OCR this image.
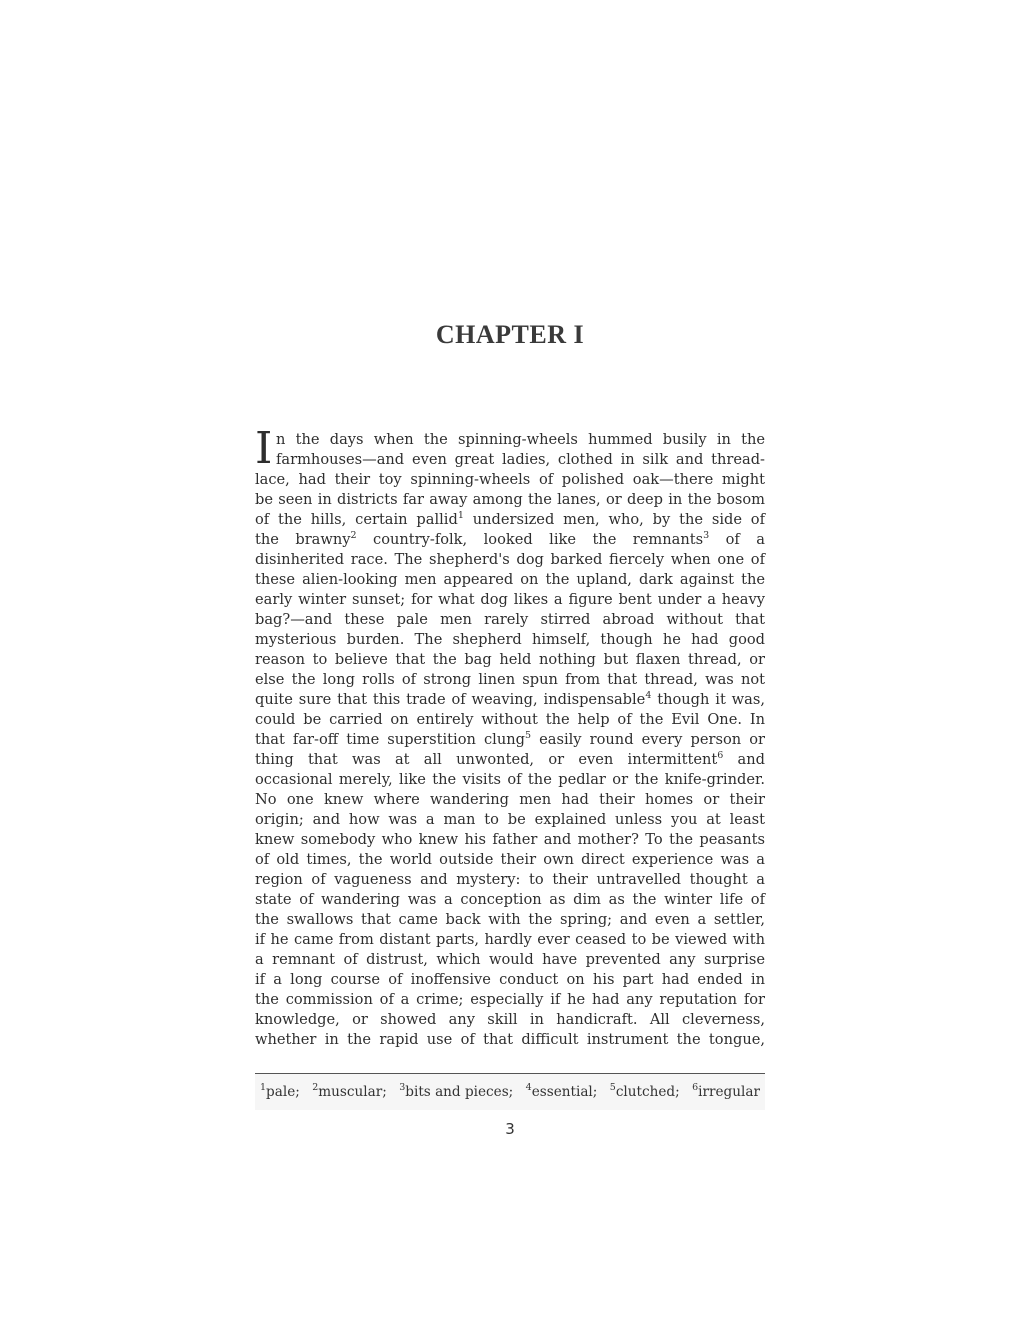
CHAPTER I
I n the days when the spinning-wheels hummed busily in the
farmhouses—and even great ladies, clothed in silk and thread-
lace, had their toy spinning-wheels of polished oak—there might
be seen in districts far away among the lanes, or deep in the bosom
of the hills, certain pallid$^1$ undersized men, who, by the side of
the brawny$^2$ country-folk, looked like the remnants$^3$ of a
disinherited race. The shepherd's dog barked fiercely when one of
these alien-looking men appeared on the upland, dark against the
early winter sunset; for what dog likes a figure bent under a heavy
bag?—and these pale men rarely stirred abroad without that
mysterious burden. The shepherd himself, though he had good
reason to believe that the bag held nothing but flaxen thread, or
else the long rolls of strong linen spun from that thread, was not
quite sure that this trade of weaving, indispensable$^4$ though it was,
could be carried on entirely without the help of the Evil One. In
that far-off time superstition clung$^5$ easily round every person or
thing that was at all unwonted, or even intermittent$^6$ and
occasional merely, like the visits of the pedlar or the knife-grinder.
No one knew where wandering men had their homes or their
origin; and how was a man to be explained unless you at least
knew somebody who knew his father and mother? To the peasants
of old times, the world outside their own direct experience was a
region of vagueness and mystery: to their untravelled thought a
state of wandering was a conception as dim as the winter life of
the swallows that came back with the spring; and even a settler,
if he came from distant parts, hardly ever ceased to be viewed with
a remnant of distrust, which would have prevented any surprise
if a long course of inoffensive conduct on his part had ended in
the commission of a crime; especially if he had any reputation for
knowledge, or showed any skill in handicraft. All cleverness,
whether in the rapid use of that difficult instrument the tongue,
$^1$pale; $^2$muscular; $^3$bits and pieces; $^4$essential; $^5$clutched; $^6$irregular
3
